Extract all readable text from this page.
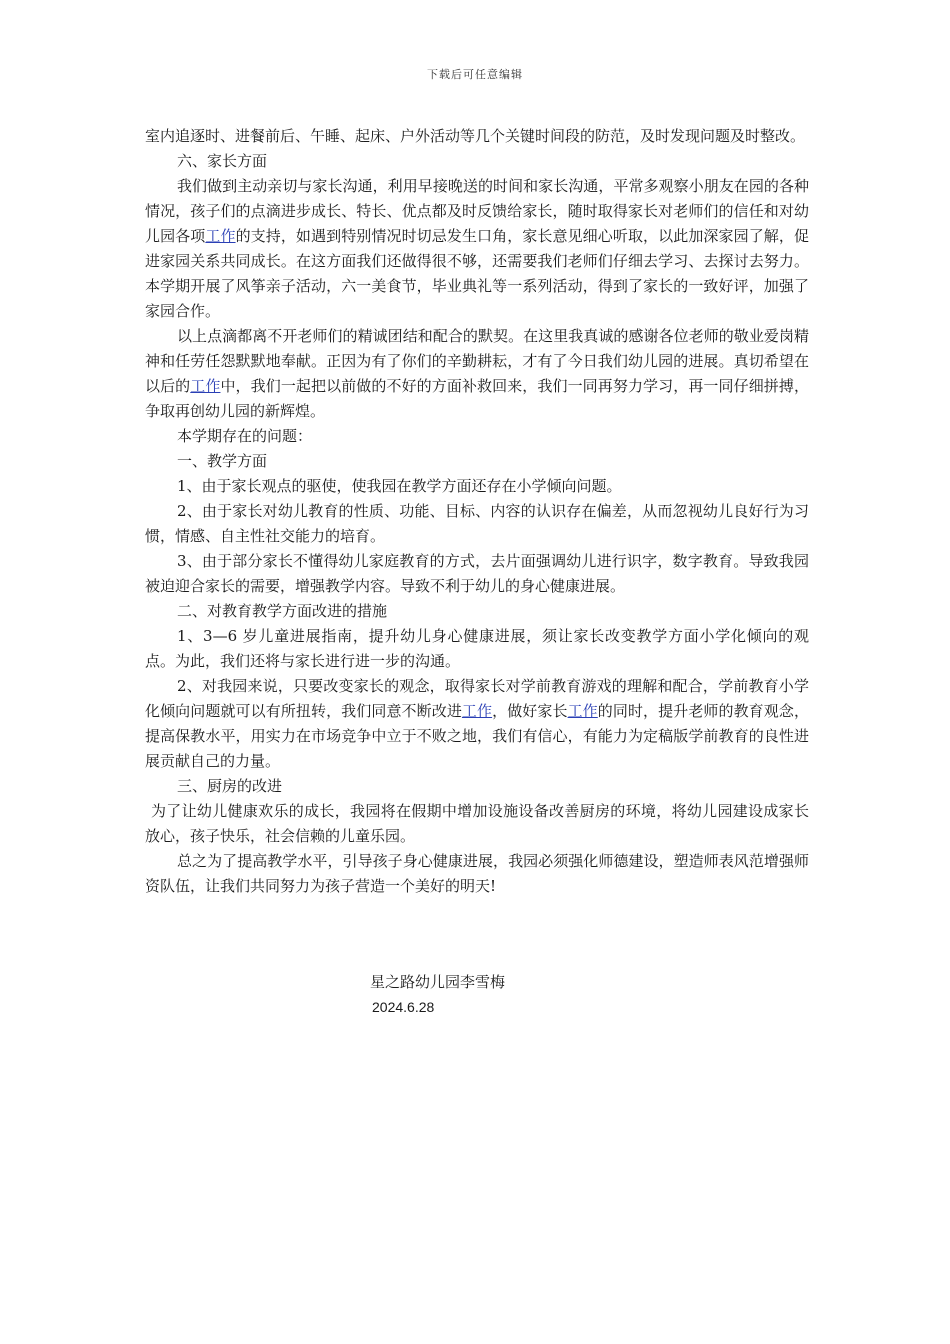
下载后可任意编辑

室内追逐时、进餐前后、午睡、起床、户外活动等几个关键时间段的防范，及时发现问题及时整改。

六、家长方面

我们做到主动亲切与家长沟通，利用早接晚送的时间和家长沟通，平常多观察小朋友在园的各种情况，孩子们的点滴进步成长、特长、优点都及时反馈给家长，随时取得家长对老师们的信任和对幼儿园各项工作的支持，如遇到特别情况时切忌发生口角，家长意见细心听取，以此加深家园了解，促进家园关系共同成长。在这方面我们还做得很不够，还需要我们老师们仔细去学习、去探讨去努力。本学期开展了风筝亲子活动，六一美食节，毕业典礼等一系列活动，得到了家长的一致好评，加强了家园合作。

以上点滴都离不开老师们的精诚团结和配合的默契。在这里我真诚的感谢各位老师的敬业爱岗精神和任劳任怨默默地奉献。正因为有了你们的辛勤耕耘，才有了今日我们幼儿园的进展。真切希望在以后的工作中，我们一起把以前做的不好的方面补救回来，我们一同再努力学习，再一同仔细拼搏，争取再创幼儿园的新辉煌。

本学期存在的问题：

一、教学方面

1、由于家长观点的驱使，使我园在教学方面还存在小学倾向问题。

2、由于家长对幼儿教育的性质、功能、目标、内容的认识存在偏差，从而忽视幼儿良好行为习惯，情感、自主性社交能力的培育。

3、由于部分家长不懂得幼儿家庭教育的方式，去片面强调幼儿进行识字，数字教育。导致我园被迫迎合家长的需要，增强教学内容。导致不利于幼儿的身心健康进展。

二、对教育教学方面改进的措施

1、3—6 岁儿童进展指南，提升幼儿身心健康进展，须让家长改变教学方面小学化倾向的观点。为此，我们还将与家长进行进一步的沟通。

2、对我园来说，只要改变家长的观念，取得家长对学前教育游戏的理解和配合，学前教育小学化倾向问题就可以有所扭转，我们同意不断改进工作，做好家长工作的同时，提升老师的教育观念，提高保教水平，用实力在市场竞争中立于不败之地，我们有信心，有能力为定稿版学前教育的良性进展贡献自己的力量。

三、厨房的改进

为了让幼儿健康欢乐的成长，我园将在假期中增加设施设备改善厨房的环境，将幼儿园建设成家长放心，孩子快乐，社会信赖的儿童乐园。

总之为了提高教学水平，引导孩子身心健康进展，我园必须强化师德建设，塑造师表风范增强师资队伍，让我们共同努力为孩子营造一个美好的明天!

星之路幼儿园李雪梅
2024.6.28
